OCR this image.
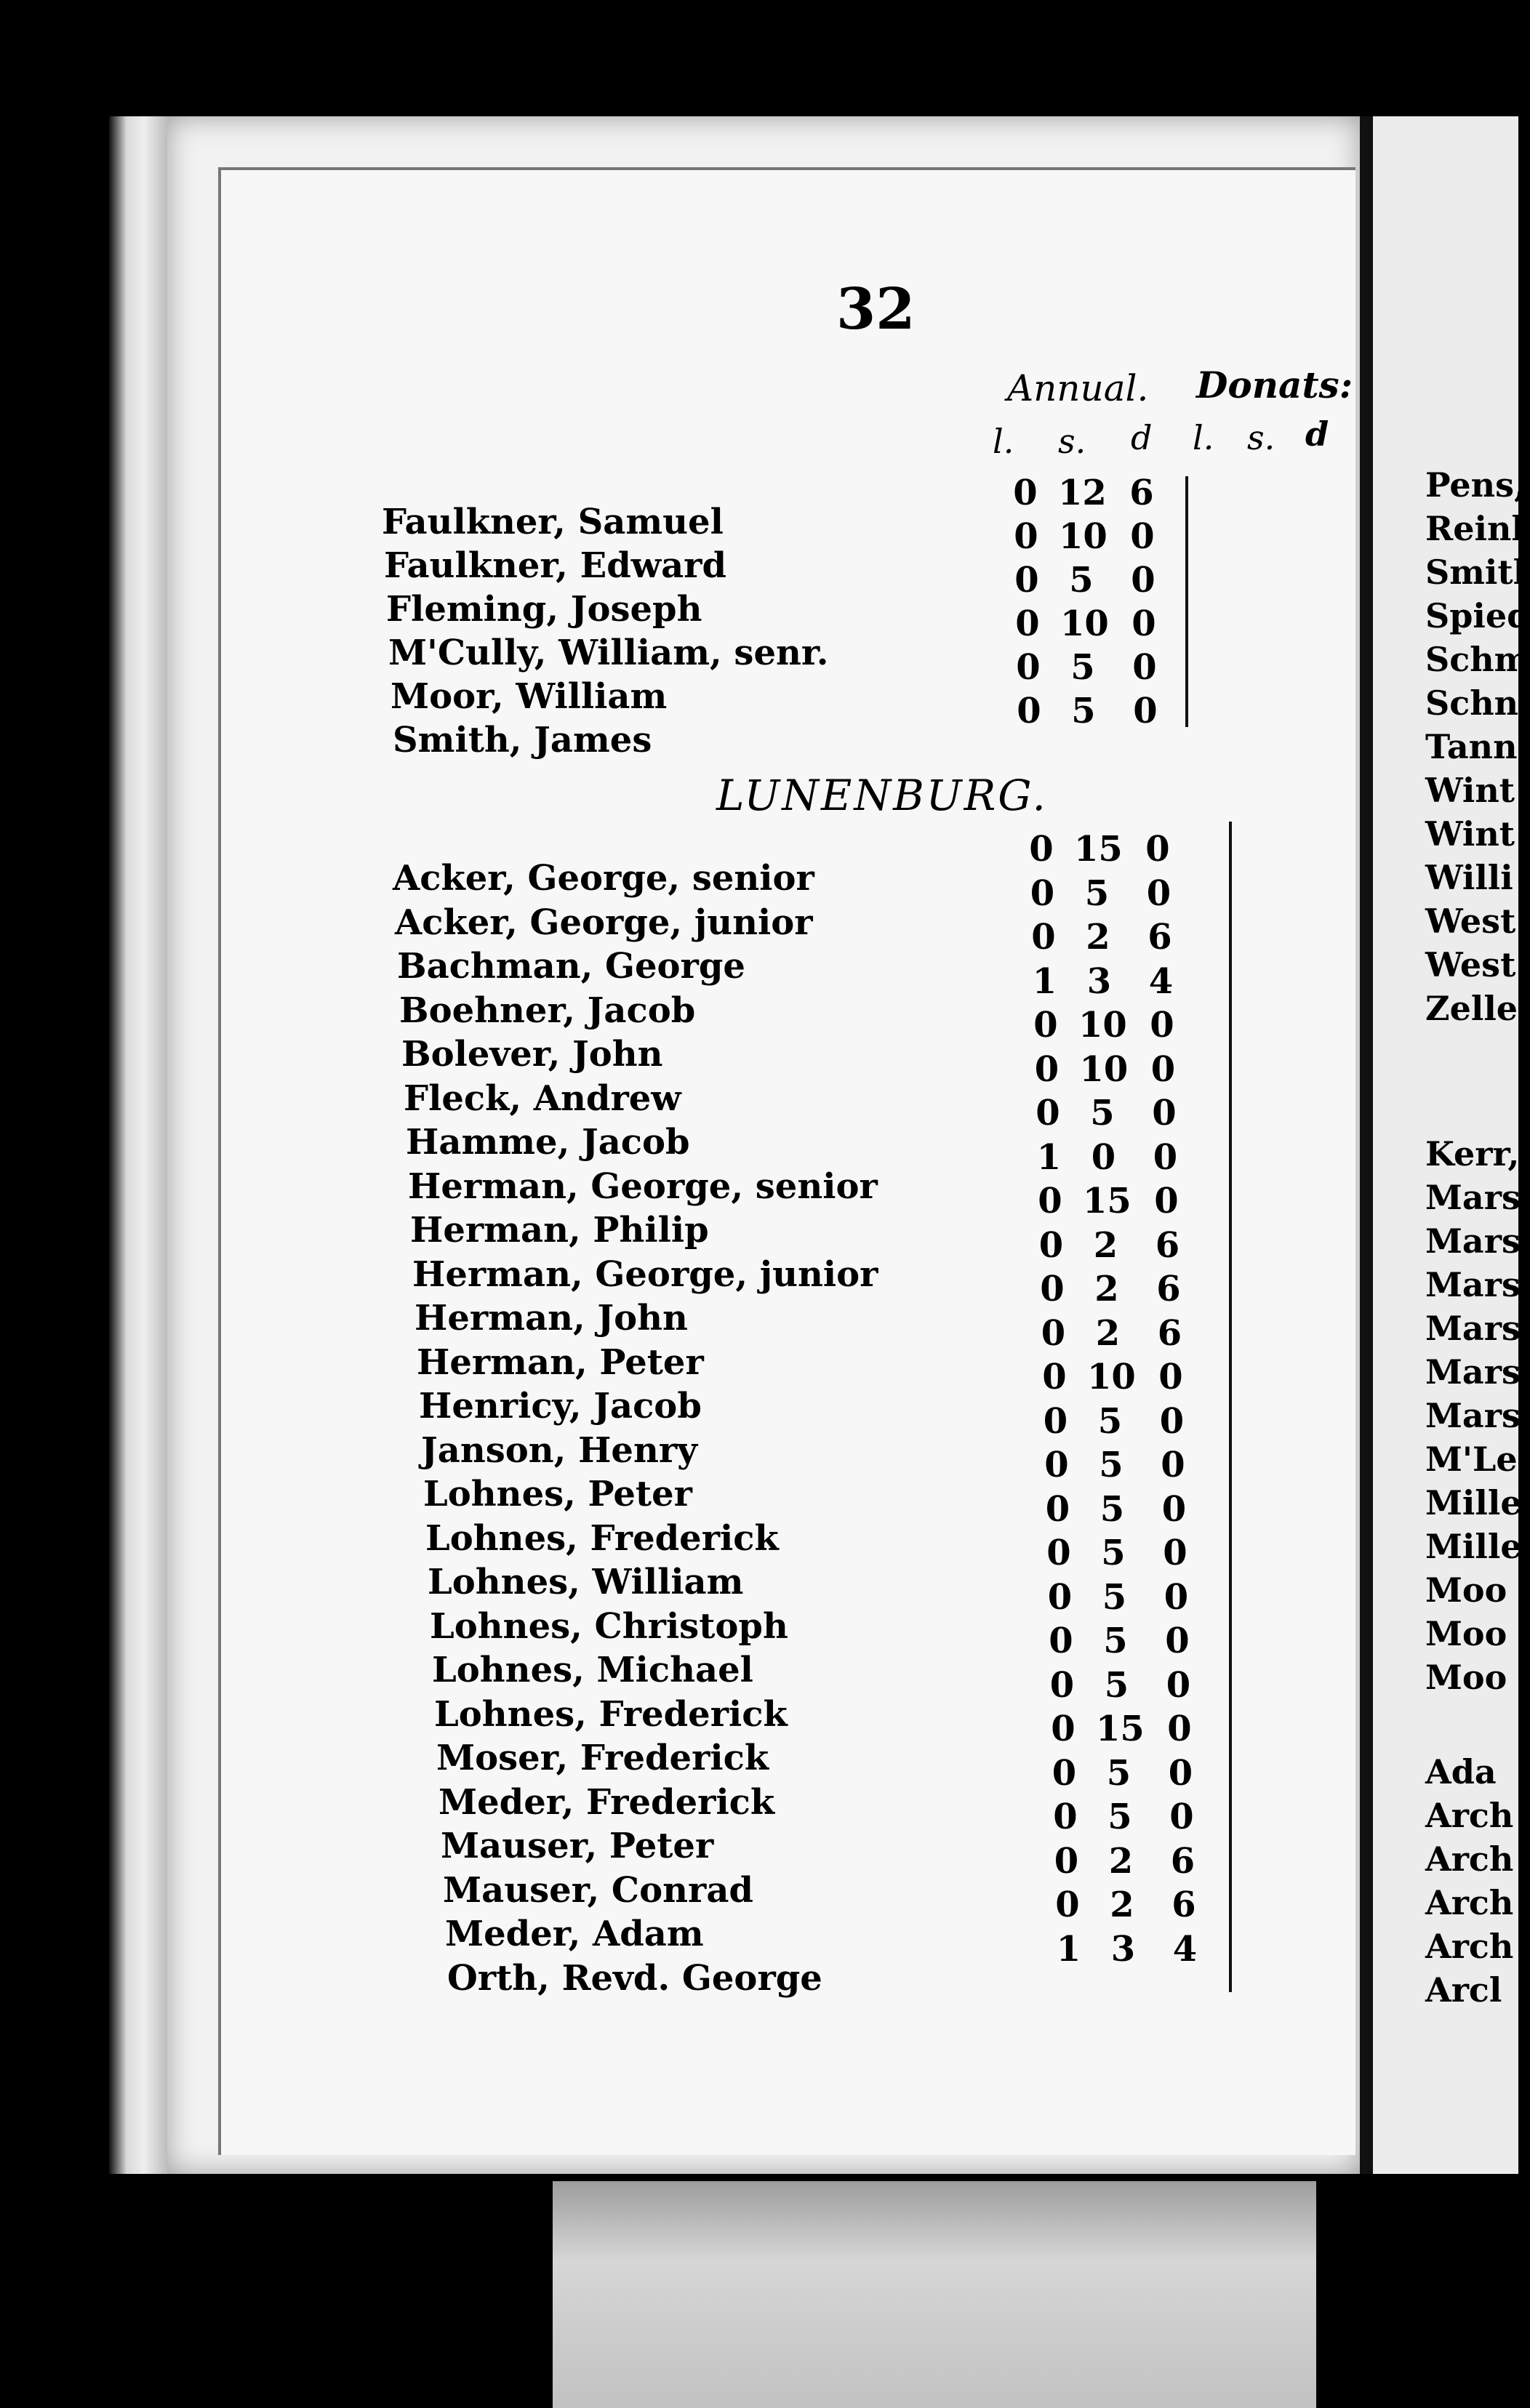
32
Annual. Donats:
l. s. d l. s. d
LUNENBURG.
Faulkner, Samuel
0 12 6
Faulkner, Edward
0 10 0
Fleming, Joseph
0 5 0
M'Cully, William, senr.
0 10 0
Moor, William
0 5 0
Smith, James
0 5 0
Acker, George, senior
0 15 0
Acker, George, junior
0 5 0
Bachman, George
0 2 6
Boehner, Jacob
1 3 4
Bolever, John
0 10 0
Fleck, Andrew
0 10 0
Hamme, Jacob
0 5 0
Herman, George, senior
1 0 0
Herman, Philip
0 15 0
Herman, George, junior
0 2 6
Herman, John
0 2 6
Herman, Peter
0 2 6
Henricy, Jacob
0 10 0
Janson, Henry
0 5 0
Lohnes, Peter
0 5 0
Lohnes, Frederick
0 5 0
Lohnes, William
0 5 0
Lohnes, Christoph
0 5 0
Lohnes, Michael
0 5 0
Lohnes, Frederick
0 5 0
Moser, Frederick
0 15 0
Meder, Frederick
0 5 0
Mauser, Peter
0 5 0
Mauser, Conrad
0 2 6
Meder, Adam
0 2 6
Orth, Revd. George
1 3 4
Pens,
Reinl
Smitl
Spied
Schm
Schn
Tann
Wint
Wint
Willi
West
West
Zelle
Kerr,
Mars
Mars
Mars
Mars
Mars
Mars
M'Le
Mille
Mille
Moo
Moo
Moo
Ada
Arch
Arch
Arch
Arch
Arcl
